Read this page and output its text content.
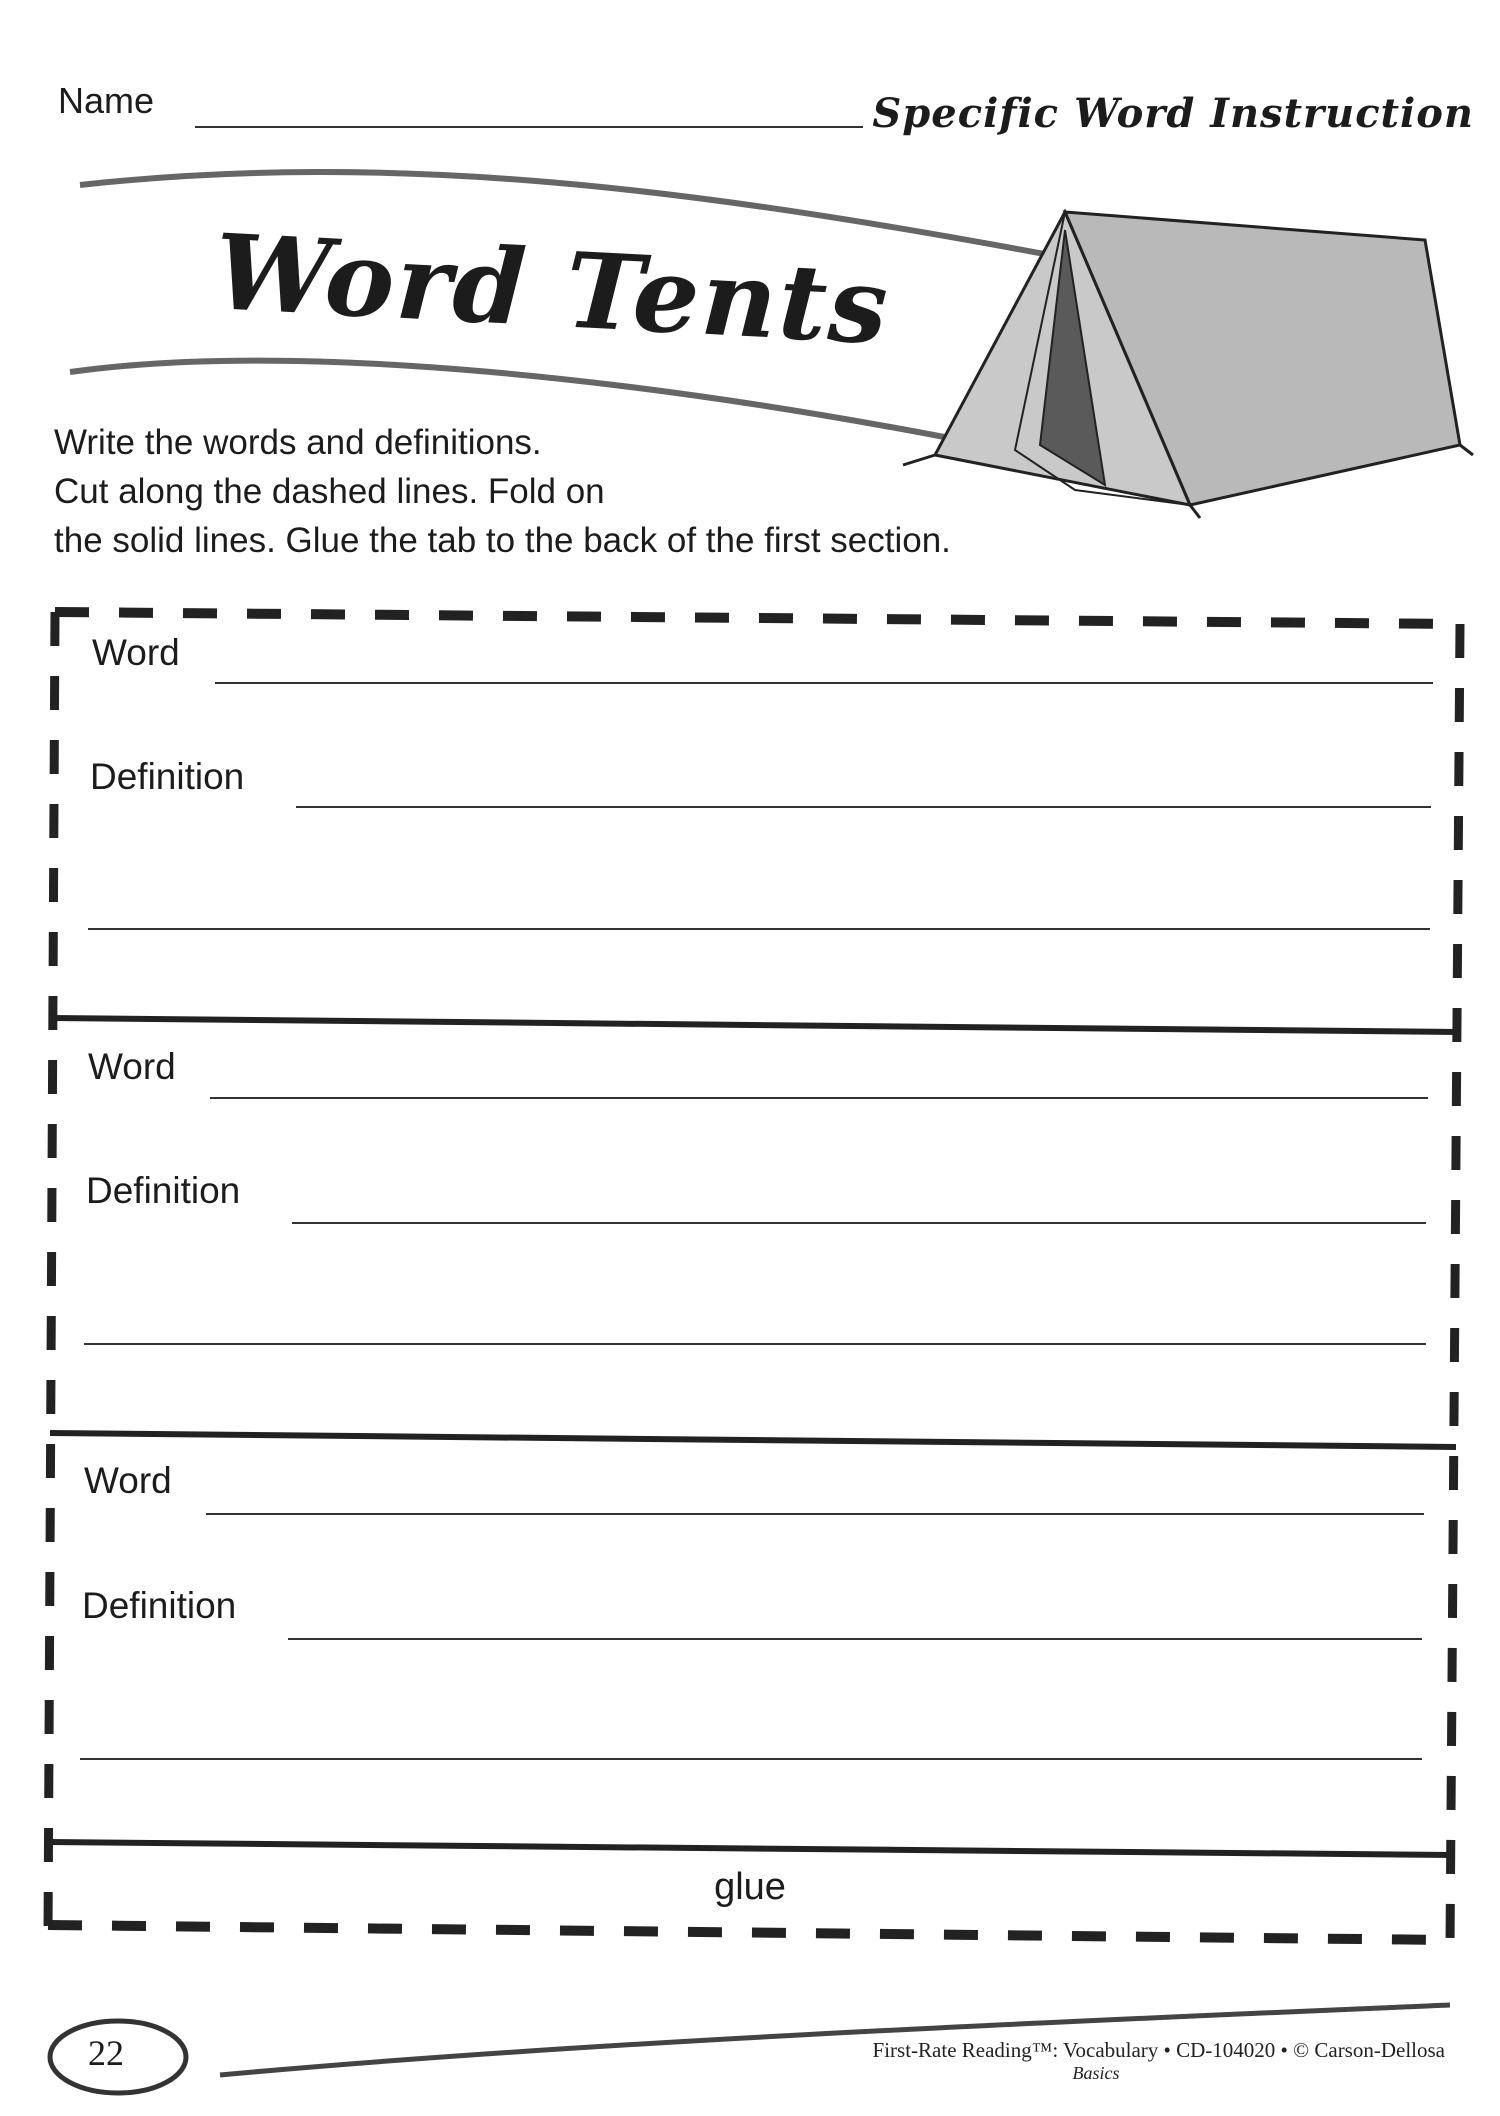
Name	Specific Word Instruction
Word Tents
Write the words and definitions.
Cut along the dashed lines. Fold on
the solid lines. Glue the tab to the back of the first section.
Word
Definition
Word
Definition
Word
Definition
glue
22	First-Rate Reading™: Vocabulary • CD-104020 • © Carson-Dellosa
Basics
